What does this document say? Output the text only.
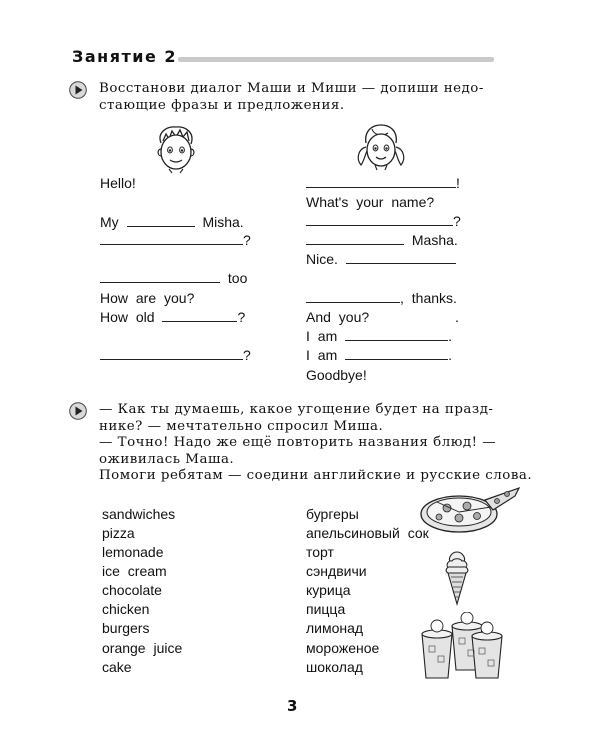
Занятие 2
Восстанови диалог Маши и Миши — допиши недо-
стающие фразы и предложения.
Hello!
My	Misha.
?
too
How are you?
How old	?
?
!
What's your name?
?
Masha.
Nice.
, thanks.
And you?	.
I am	.
I am	.
Goodbye!
— Как ты думаешь, какое угощение будет на празд-
нике? — мечтательно спросил Миша.
— Точно! Надо же ещё повторить названия блюд! —
оживилась Маша.
Помоги ребятам — соедини английские и русские слова.
sandwiches
pizza
lemonade
ice cream
chocolate
chicken
burgers
orange juice
cake
бургеры
апельсиновый сок
торт
сэндвичи
курица
пицца
лимонад
мороженое
шоколад
3
